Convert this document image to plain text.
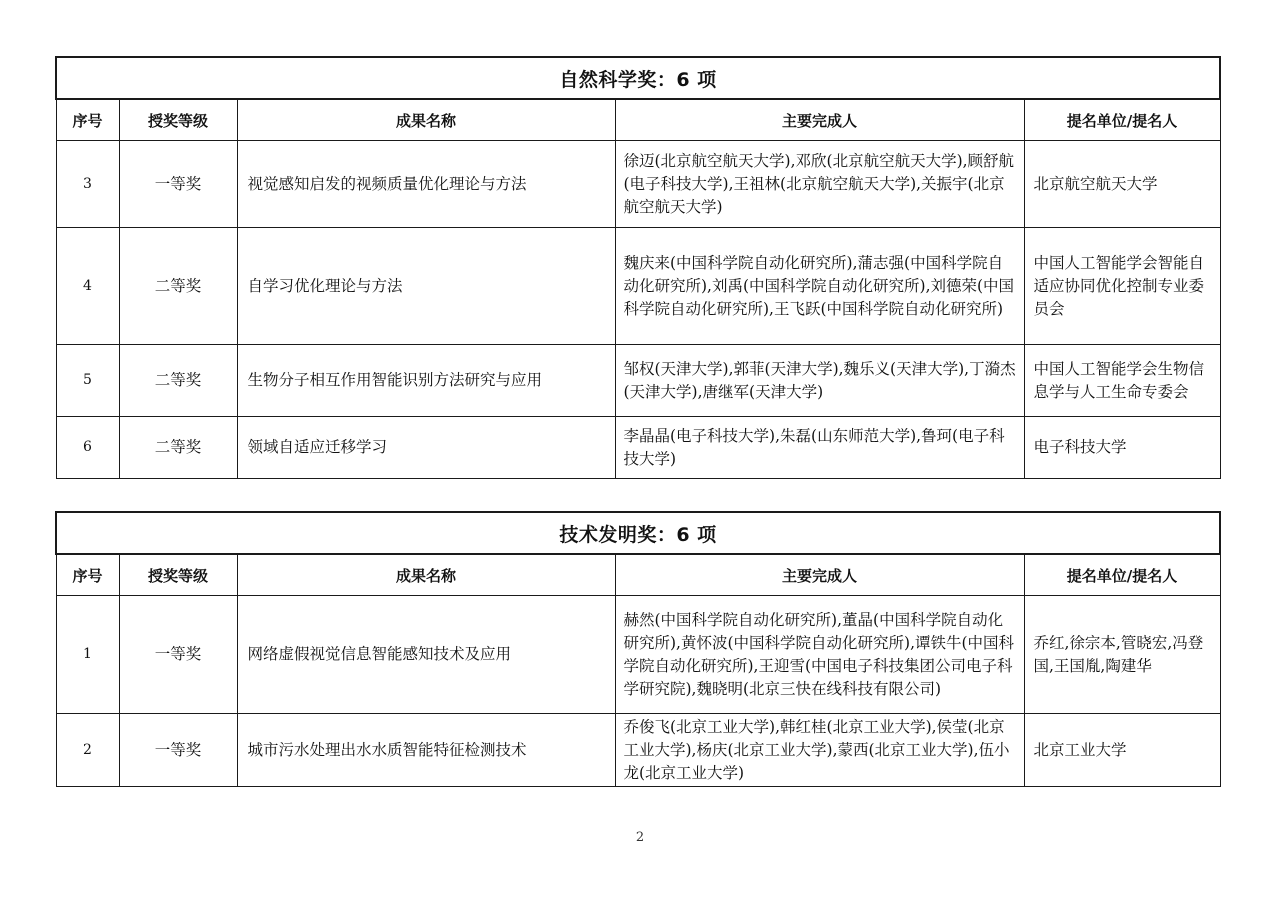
自然科学奖：6 项				
序号	授奖等级	成果名称	主要完成人	提名单位/提名人
3	一等奖	视觉感知启发的视频质量优化理论与方法	徐迈(北京航空航天大学),邓欣(北京航空航天大学),顾舒航(电子科技大学),王祖林(北京航空航天大学),关振宇(北京航空航天大学)	北京航空航天大学
4	二等奖	自学习优化理论与方法	魏庆来(中国科学院自动化研究所),蒲志强(中国科学院自动化研究所),刘禹(中国科学院自动化研究所),刘德荣(中国科学院自动化研究所),王飞跃(中国科学院自动化研究所)	中国人工智能学会智能自适应协同优化控制专业委员会
5	二等奖	生物分子相互作用智能识别方法研究与应用	邹权(天津大学),郭菲(天津大学),魏乐义(天津大学),丁漪杰(天津大学),唐继军(天津大学)	中国人工智能学会生物信息学与人工生命专委会
6	二等奖	领域自适应迁移学习	李晶晶(电子科技大学),朱磊(山东师范大学),鲁珂(电子科技大学)	电子科技大学
技术发明奖：6 项				
序号	授奖等级	成果名称	主要完成人	提名单位/提名人
1	一等奖	网络虚假视觉信息智能感知技术及应用	赫然(中国科学院自动化研究所),董晶(中国科学院自动化研究所),黄怀波(中国科学院自动化研究所),谭铁牛(中国科学院自动化研究所),王迎雪(中国电子科技集团公司电子科学研究院),魏晓明(北京三快在线科技有限公司)	乔红,徐宗本,管晓宏,冯登国,王国胤,陶建华
2	一等奖	城市污水处理出水水质智能特征检测技术	乔俊飞(北京工业大学),韩红桂(北京工业大学),侯莹(北京工业大学),杨庆(北京工业大学),蒙西(北京工业大学),伍小龙(北京工业大学)	北京工业大学
2
